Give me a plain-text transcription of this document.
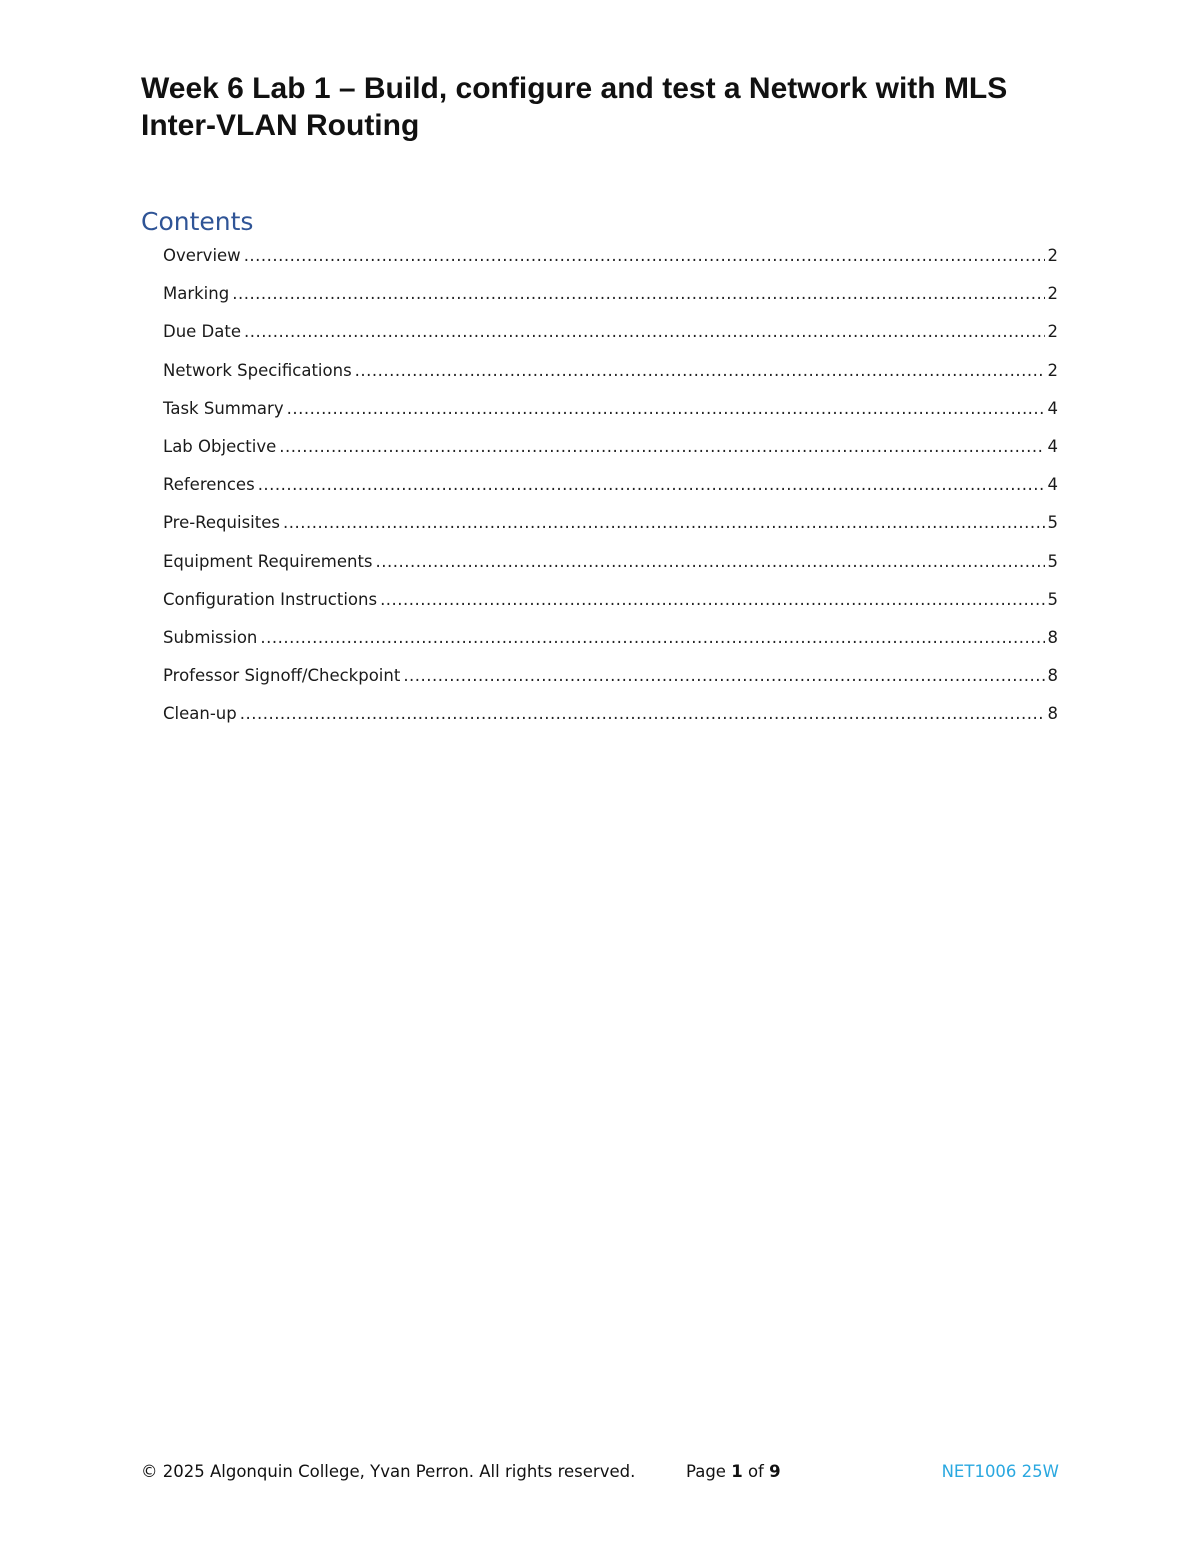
Week 6 Lab 1 – Build, configure and test a Network with MLS Inter-VLAN Routing
Contents
Overview .....	2
Marking .....	2
Due Date .....	2
Network Specifications .....	2
Task Summary .....	4
Lab Objective .....	4
References .....	4
Pre-Requisites .....	5
Equipment Requirements .....	5
Configuration Instructions .....	5
Submission .....	8
Professor Signoff/Checkpoint .....	8
Clean-up .....	8
© 2025 Algonquin College, Yvan Perron. All rights reserved.	Page 1 of 9	NET1006 25W
